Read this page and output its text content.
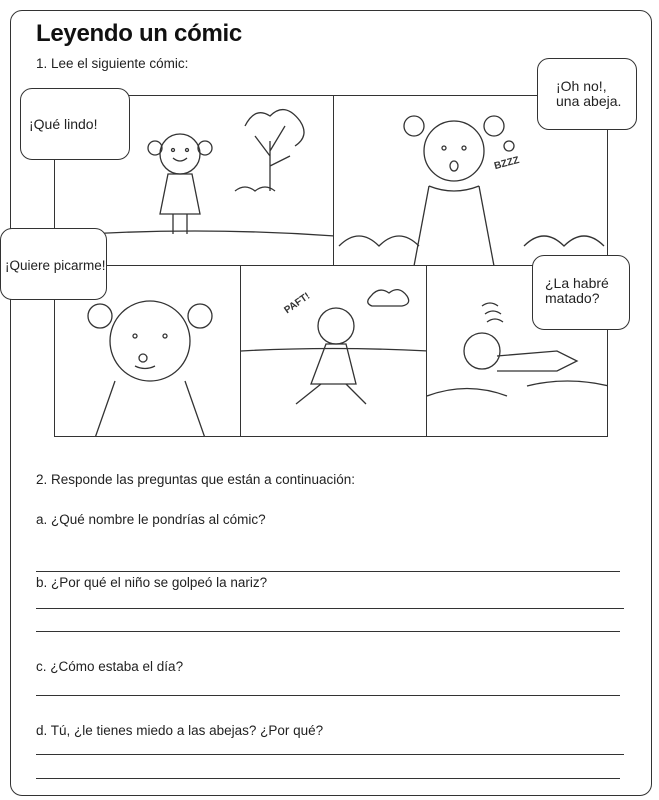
Leyendo un cómic
1. Lee el siguiente cómic:
BZZZ
PAFT!
¡Qué lindo!
¡Oh no!,
una abeja.
¡Quiere picarme!
¿La habré
matado?
2. Responde las preguntas que están a continuación:
a. ¿Qué nombre le pondrías al cómic?
b. ¿Por qué el niño se golpeó la nariz?
c. ¿Cómo estaba el día?
d. Tú, ¿le tienes miedo a las abejas? ¿Por qué?
